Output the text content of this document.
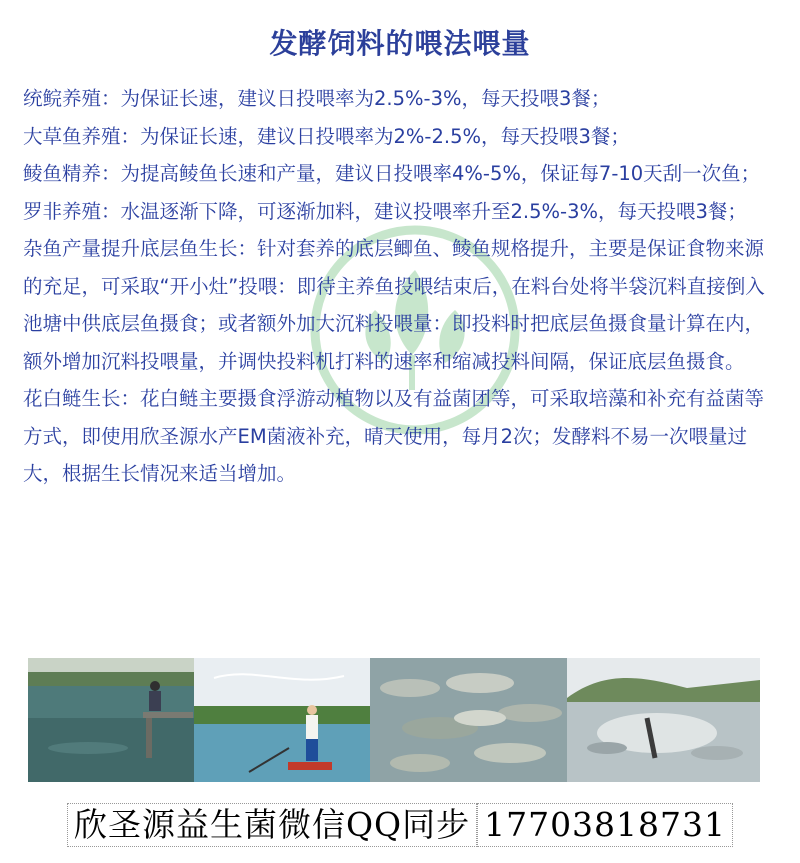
发酵饲料的喂法喂量

统鲩养殖：为保证长速，建议日投喂率为2.5%-3%，每天投喂3餐；

大草鱼养殖：为保证长速，建议日投喂率为2%-2.5%，每天投喂3餐；

鲮鱼精养：为提高鲮鱼长速和产量，建议日投喂率4%-5%，保证每7-10天刮一次鱼；

罗非养殖：水温逐渐下降，可逐渐加料，建议投喂率升至2.5%-3%，每天投喂3餐；

杂鱼产量提升底层鱼生长：针对套养的底层鲫鱼、鲮鱼规格提升，主要是保证食物来源的充足，可采取“开小灶”投喂：即待主养鱼投喂结束后，在料台处将半袋沉料直接倒入池塘中供底层鱼摄食；或者额外加大沉料投喂量：即投料时把底层鱼摄食量计算在内，额外增加沉料投喂量，并调快投料机打料的速率和缩减投料间隔，保证底层鱼摄食。

花白鲢生长：花白鲢主要摄食浮游动植物以及有益菌团等，可采取培藻和补充有益菌等方式，即使用欣圣源水产EM菌液补充，晴天使用，每月2次；发酵料不易一次喂量过大，根据生长情况来适当增加。

欣圣源益生菌微信QQ同步 17703818731
